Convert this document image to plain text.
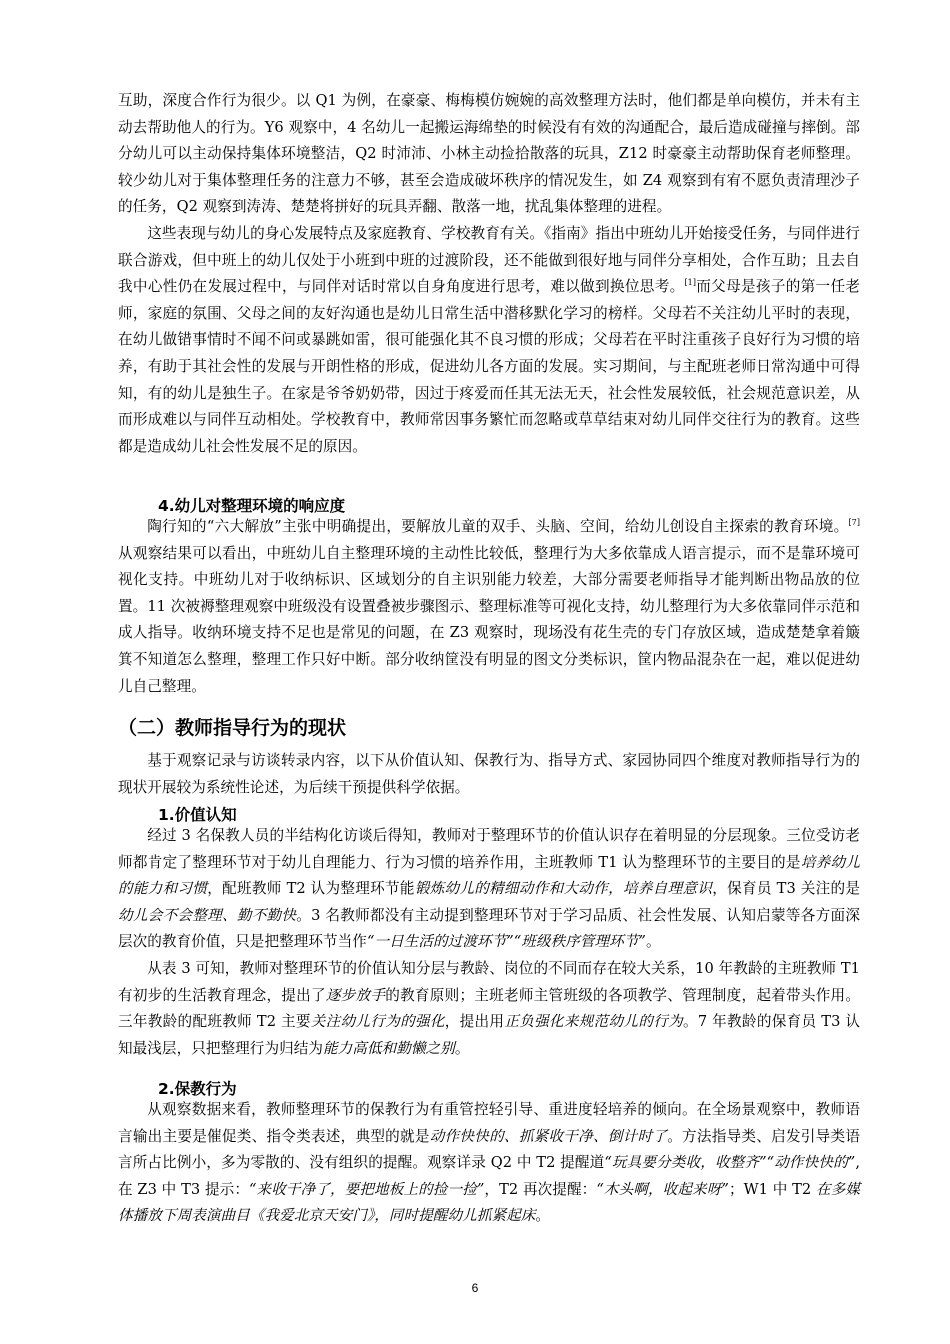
互助，深度合作行为很少。以 Q1 为例，在豪豪、梅梅模仿婉婉的高效整理方法时，他们都是单向模仿，并未有主动去帮助他人的行为。Y6 观察中，4 名幼儿一起搬运海绵垫的时候没有有效的沟通配合，最后造成碰撞与摔倒。部分幼儿可以主动保持集体环境整洁，Q2 时沛沛、小林主动捡拾散落的玩具，Z12 时豪豪主动帮助保育老师整理。较少幼儿对于集体整理任务的注意力不够，甚至会造成破坏秩序的情况发生，如 Z4 观察到有宥不愿负责清理沙子的任务，Q2 观察到涛涛、楚楚将拼好的玩具弄翻、散落一地，扰乱集体整理的进程。

这些表现与幼儿的身心发展特点及家庭教育、学校教育有关。《指南》指出中班幼儿开始接受任务，与同伴进行联合游戏，但中班上的幼儿仅处于小班到中班的过渡阶段，还不能做到很好地与同伴分享相处，合作互助；且去自我中心性仍在发展过程中，与同伴对话时常以自身角度进行思考，难以做到换位思考。[1]而父母是孩子的第一任老师，家庭的氛围、父母之间的友好沟通也是幼儿日常生活中潜移默化学习的榜样。父母若不关注幼儿平时的表现，在幼儿做错事情时不闻不问或暴跳如雷，很可能强化其不良习惯的形成；父母若在平时注重孩子良好行为习惯的培养，有助于其社会性的发展与开朗性格的形成，促进幼儿各方面的发展。实习期间，与主配班老师日常沟通中可得知，有的幼儿是独生子。在家是爷爷奶奶带，因过于疼爱而任其无法无天，社会性发展较低，社会规范意识差，从而形成难以与同伴互动相处。学校教育中，教师常因事务繁忙而忽略或草草结束对幼儿同伴交往行为的教育。这些都是造成幼儿社会性发展不足的原因。

4.幼儿对整理环境的响应度

陶行知的“六大解放”主张中明确提出，要解放儿童的双手、头脑、空间，给幼儿创设自主探索的教育环境。[7]从观察结果可以看出，中班幼儿自主整理环境的主动性比较低，整理行为大多依靠成人语言提示，而不是靠环境可视化支持。中班幼儿对于收纳标识、区域划分的自主识别能力较差，大部分需要老师指导才能判断出物品放的位置。11 次被褥整理观察中班级没有设置叠被步骤图示、整理标准等可视化支持，幼儿整理行为大多依靠同伴示范和成人指导。收纳环境支持不足也是常见的问题，在 Z3 观察时，现场没有花生壳的专门存放区域，造成楚楚拿着簸箕不知道怎么整理，整理工作只好中断。部分收纳筐没有明显的图文分类标识，筐内物品混杂在一起，难以促进幼儿自己整理。

（二）教师指导行为的现状

基于观察记录与访谈转录内容，以下从价值认知、保教行为、指导方式、家园协同四个维度对教师指导行为的现状开展较为系统性论述，为后续干预提供科学依据。

1.价值认知

经过 3 名保教人员的半结构化访谈后得知，教师对于整理环节的价值认识存在着明显的分层现象。三位受访老师都肯定了整理环节对于幼儿自理能力、行为习惯的培养作用，主班教师 T1 认为整理环节的主要目的是培养幼儿的能力和习惯，配班教师 T2 认为整理环节能锻炼幼儿的精细动作和大动作，培养自理意识，保育员 T3 关注的是幼儿会不会整理、勤不勤快。3 名教师都没有主动提到整理环节对于学习品质、社会性发展、认知启蒙等各方面深层次的教育价值，只是把整理环节当作“一日生活的过渡环节”“班级秩序管理环节”。

从表 3 可知，教师对整理环节的价值认知分层与教龄、岗位的不同而存在较大关系，10 年教龄的主班教师 T1 有初步的生活教育理念，提出了逐步放手的教育原则；主班老师主管班级的各项教学、管理制度，起着带头作用。三年教龄的配班教师 T2 主要关注幼儿行为的强化，提出用正负强化来规范幼儿的行为。7 年教龄的保育员 T3 认知最浅层，只把整理行为归结为能力高低和勤懒之别。

2.保教行为

从观察数据来看，教师整理环节的保教行为有重管控轻引导、重进度轻培养的倾向。在全场景观察中，教师语言输出主要是催促类、指令类表述，典型的就是动作快快的、抓紧收干净、倒计时了。方法指导类、启发引导类语言所占比例小，多为零散的、没有组织的提醒。观察详录 Q2 中 T2 提醒道“玩具要分类收，收整齐”“动作快快的”,在 Z3 中 T3 提示：“来收干净了，要把地板上的捡一捡”，T2 再次提醒：“木头啊，收起来呀”；W1 中 T2 在多媒体播放下周表演曲目《我爱北京天安门》，同时提醒幼儿抓紧起床。

6
